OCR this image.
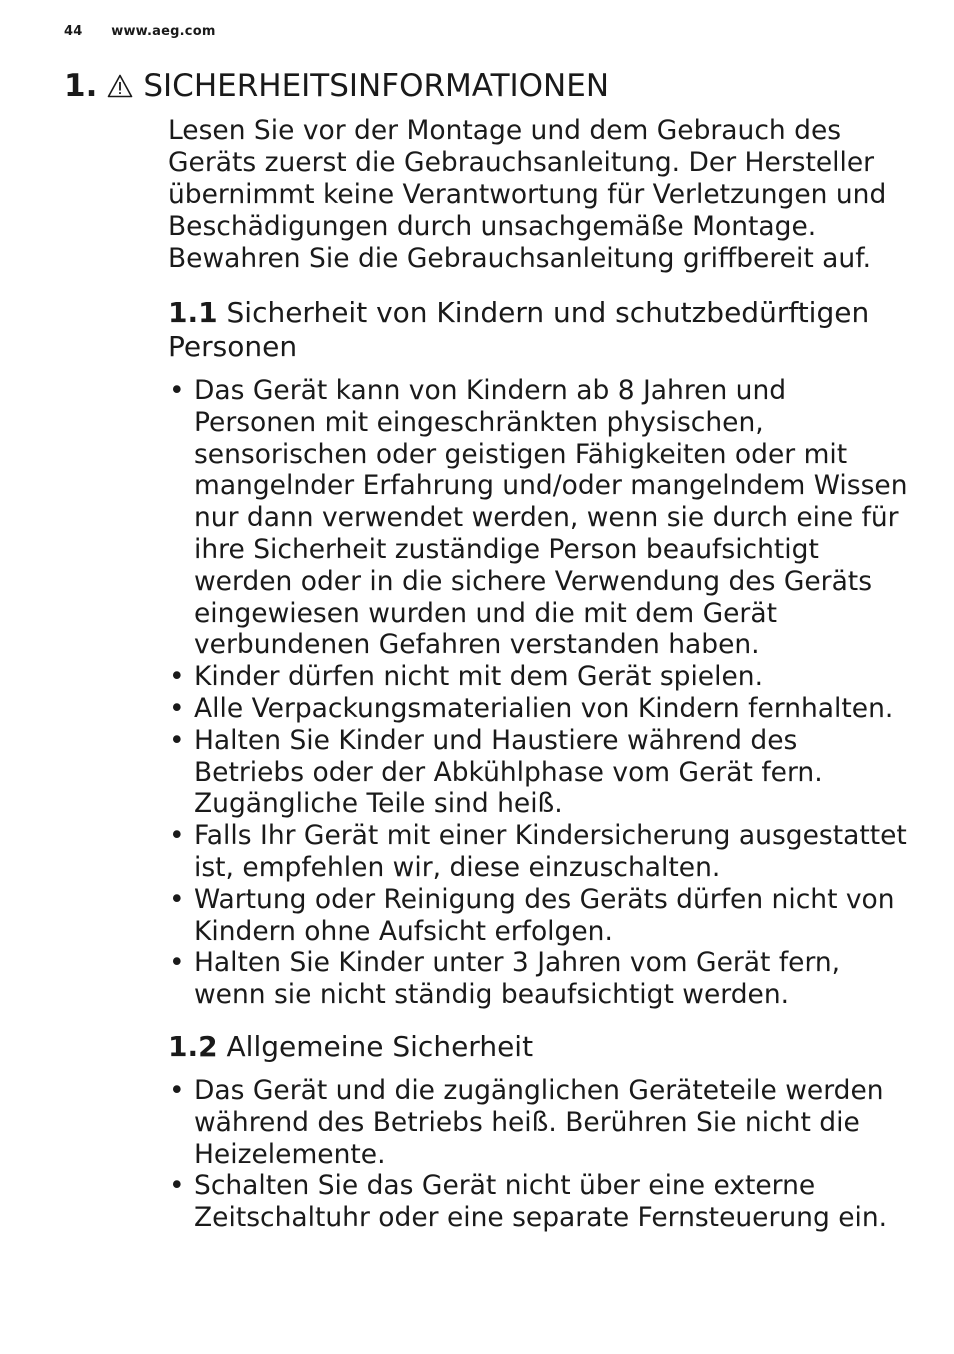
44 www.aeg.com
1. SICHERHEITSINFORMATIONEN

Lesen Sie vor der Montage und dem Gebrauch des Geräts zuerst die Gebrauchsanleitung. Der Hersteller übernimmt keine Verantwortung für Verletzungen und Beschädigungen durch unsachgemäße Montage. Bewahren Sie die Gebrauchsanleitung griffbereit auf.

1.1 Sicherheit von Kindern und schutzbedürftigen Personen
• Das Gerät kann von Kindern ab 8 Jahren und Personen mit eingeschränkten physischen, sensorischen oder geistigen Fähigkeiten oder mit mangelnder Erfahrung und/oder mangelndem Wissen nur dann verwendet werden, wenn sie durch eine für ihre Sicherheit zuständige Person beaufsichtigt werden oder in die sichere Verwendung des Geräts eingewiesen wurden und die mit dem Gerät verbundenen Gefahren verstanden haben.
• Kinder dürfen nicht mit dem Gerät spielen.
• Alle Verpackungsmaterialien von Kindern fernhalten.
• Halten Sie Kinder und Haustiere während des Betriebs oder der Abkühlphase vom Gerät fern. Zugängliche Teile sind heiß.
• Falls Ihr Gerät mit einer Kindersicherung ausgestattet ist, empfehlen wir, diese einzuschalten.
• Wartung oder Reinigung des Geräts dürfen nicht von Kindern ohne Aufsicht erfolgen.
• Halten Sie Kinder unter 3 Jahren vom Gerät fern, wenn sie nicht ständig beaufsichtigt werden.
1.2 Allgemeine Sicherheit
• Das Gerät und die zugänglichen Geräteteile werden während des Betriebs heiß. Berühren Sie nicht die Heizelemente.
• Schalten Sie das Gerät nicht über eine externe Zeitschaltuhr oder eine separate Fernsteuerung ein.
